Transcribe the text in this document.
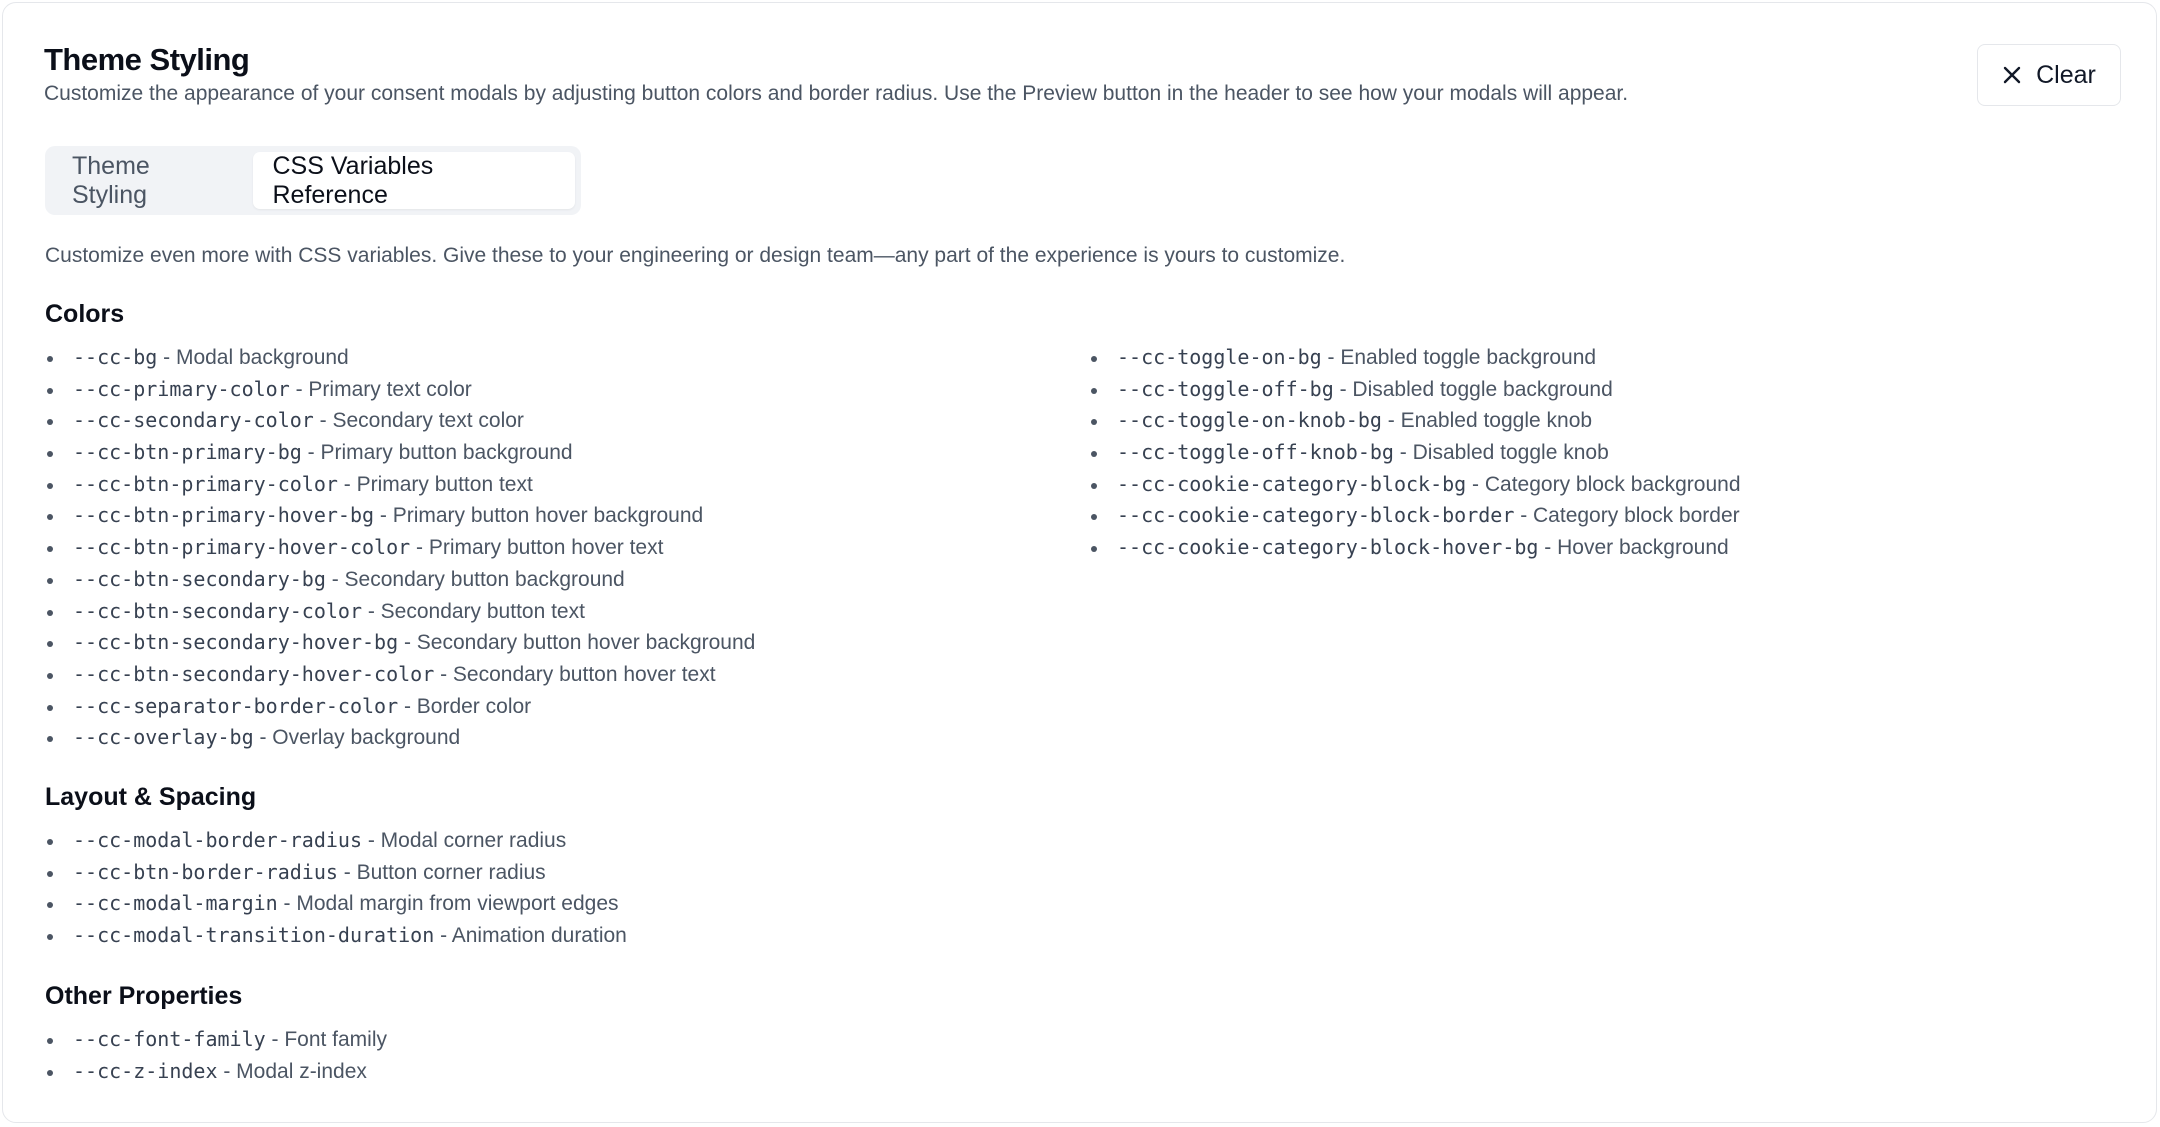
Theme Styling

Customize the appearance of your consent modals by adjusting button colors and border radius. Use the Preview button in the header to see how your modals will appear.

Clear
Theme Styling
CSS Variables Reference
Customize even more with CSS variables. Give these to your engineering or design team—any part of the experience is yours to customize.
Colors
--cc-bg - Modal background
--cc-primary-color - Primary text color
--cc-secondary-color - Secondary text color
--cc-btn-primary-bg - Primary button background
--cc-btn-primary-color - Primary button text
--cc-btn-primary-hover-bg - Primary button hover background
--cc-btn-primary-hover-color - Primary button hover text
--cc-btn-secondary-bg - Secondary button background
--cc-btn-secondary-color - Secondary button text
--cc-btn-secondary-hover-bg - Secondary button hover background
--cc-btn-secondary-hover-color - Secondary button hover text
--cc-separator-border-color - Border color
--cc-overlay-bg - Overlay background
--cc-toggle-on-bg - Enabled toggle background
--cc-toggle-off-bg - Disabled toggle background
--cc-toggle-on-knob-bg - Enabled toggle knob
--cc-toggle-off-knob-bg - Disabled toggle knob
--cc-cookie-category-block-bg - Category block background
--cc-cookie-category-block-border - Category block border
--cc-cookie-category-block-hover-bg - Hover background
Layout & Spacing
--cc-modal-border-radius - Modal corner radius
--cc-btn-border-radius - Button corner radius
--cc-modal-margin - Modal margin from viewport edges
--cc-modal-transition-duration - Animation duration
Other Properties
--cc-font-family - Font family
--cc-z-index - Modal z-index
